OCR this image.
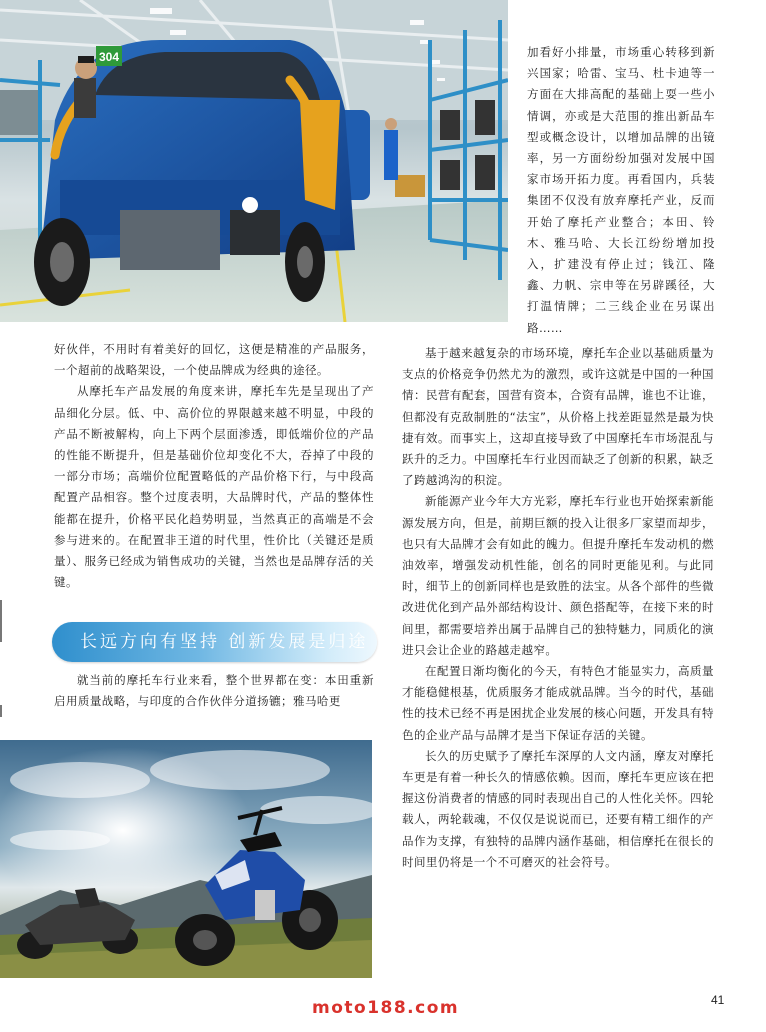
304	加看好小排量，市场重心转移到新兴国家；哈雷、宝马、杜卡迪等一方面在大排高配的基础上耍一些小情调，亦或是大范围的推出新品车型或概念设计，以增加品牌的出镜率，另一方面纷纷加强对发展中国家市场开拓力度。再看国内，兵装集团不仅没有放弃摩托产业，反而开始了摩托产业整合；本田、铃木、雅马哈、大长江纷纷增加投入，扩建没有停止过；钱江、隆鑫、力帆、宗申等在另辟蹊径，大打温情牌；二三线企业在另谋出路……

基于越来越复杂的市场环境，摩托车企业以基础质量为支点的价格竞争仍然尤为的激烈，或许这就是中国的一种国情：民营有配套，国营有资本，合资有品牌，谁也不让谁，但都没有克敌制胜的“法宝”，从价格上找差距显然是最为快捷有效。而事实上，这却直接导致了中国摩托车市场混乱与跃升的乏力。中国摩托车行业因而缺乏了创新的积累，缺乏了跨越鸿沟的积淀。

新能源产业今年大方光彩，摩托车行业也开始探索新能源发展方向，但是，前期巨额的投入让很多厂家望而却步，也只有大品牌才会有如此的魄力。但提升摩托车发动机的燃油效率，增强发动机性能，创名的同时更能见利。与此同时，细节上的创新同样也是致胜的法宝。从各个部件的些微改进优化到产品外部结构设计、颜色搭配等，在接下来的时间里，都需要培养出属于品牌自己的独特魅力，同质化的演进只会让企业的路越走越窄。

在配置日渐均衡化的今天，有特色才能显实力，高质量才能稳健根基，优质服务才能成就品牌。当今的时代，基础性的技术已经不再是困扰企业发展的核心问题，开发具有特色的企业产品与品牌才是当下保证存活的关键。

长久的历史赋予了摩托车深厚的人文内涵，摩友对摩托车更是有着一种长久的情感依赖。因而，摩托车更应该在把握这份消费者的情感的同时表现出自己的人性化关怀。四轮载人，两轮载魂，不仅仅是说说而已，还要有精工细作的产品作为支撑，有独特的品牌内涵作基础，相信摩托在很长的时间里仍将是一个不可磨灭的社会符号。

好伙伴，不用时有着美好的回忆，这便是精准的产品服务，一个超前的战略架设，一个使品牌成为经典的途径。

从摩托车产品发展的角度来讲，摩托车先是呈现出了产品细化分层。低、中、高价位的界限越来越不明显，中段的产品不断被解构，向上下两个层面渗透，即低端价位的产品的性能不断提升，但是基础价位却变化不大，吞掉了中段的一部分市场；高端价位配置略低的产品价格下行，与中段高配置产品相容。整个过度表明，大品牌时代，产品的整体性能都在提升，价格平民化趋势明显，当然真正的高端是不会参与进来的。在配置非王道的时代里，性价比（关键还是质量）、服务已经成为销售成功的关键，当然也是品牌存活的关键。

长远方向有坚持 创新发展是归途

就当前的摩托车行业来看，整个世界都在变：本田重新启用质量战略，与印度的合作伙伴分道扬镳；雅马哈更

moto188.com	41
